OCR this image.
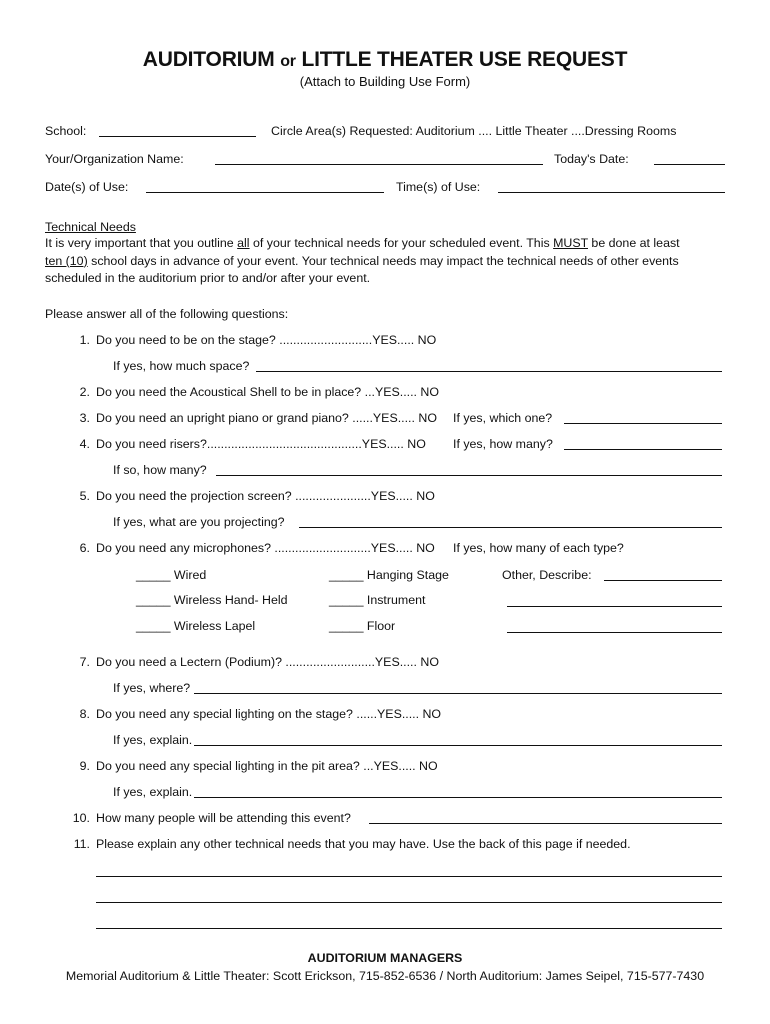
AUDITORIUM or LITTLE THEATER USE REQUEST
(Attach to Building Use Form)
School:	Circle Area(s) Requested: Auditorium .... Little Theater ....Dressing Rooms
Your/Organization Name:	Today's Date:
Date(s) of Use:	Time(s) of Use:
Technical Needs
It is very important that you outline all of your technical needs for your scheduled event. This MUST be done at least
ten (10) school days in advance of your event. Your technical needs may impact the technical needs of other events
scheduled in the auditorium prior to and/or after your event.
Please answer all of the following questions:
1. Do you need to be on the stage? ...........................YES..... NO
If yes, how much space?
2. Do you need the Acoustical Shell to be in place? ...YES..... NO
3. Do you need an upright piano or grand piano? ......YES..... NO If yes, which one?
4. Do you need risers?.............................................YES..... NO If yes, how many?
If so, how many?
5. Do you need the projection screen? ......................YES..... NO
If yes, what are you projecting?
6. Do you need any microphones? ............................YES..... NO If yes, how many of each type?
_____ Wired	_____ Hanging Stage	Other, Describe:
_____ Wireless Hand- Held	_____ Instrument
_____ Wireless Lapel	_____ Floor
7. Do you need a Lectern (Podium)? ..........................YES..... NO
If yes, where?
8. Do you need any special lighting on the stage? ......YES..... NO
If yes, explain.
9. Do you need any special lighting in the pit area? ...YES..... NO
If yes, explain.
10. How many people will be attending this event?
11. Please explain any other technical needs that you may have. Use the back of this page if needed.
AUDITORIUM MANAGERS
Memorial Auditorium & Little Theater: Scott Erickson, 715-852-6536 / North Auditorium: James Seipel, 715-577-7430
